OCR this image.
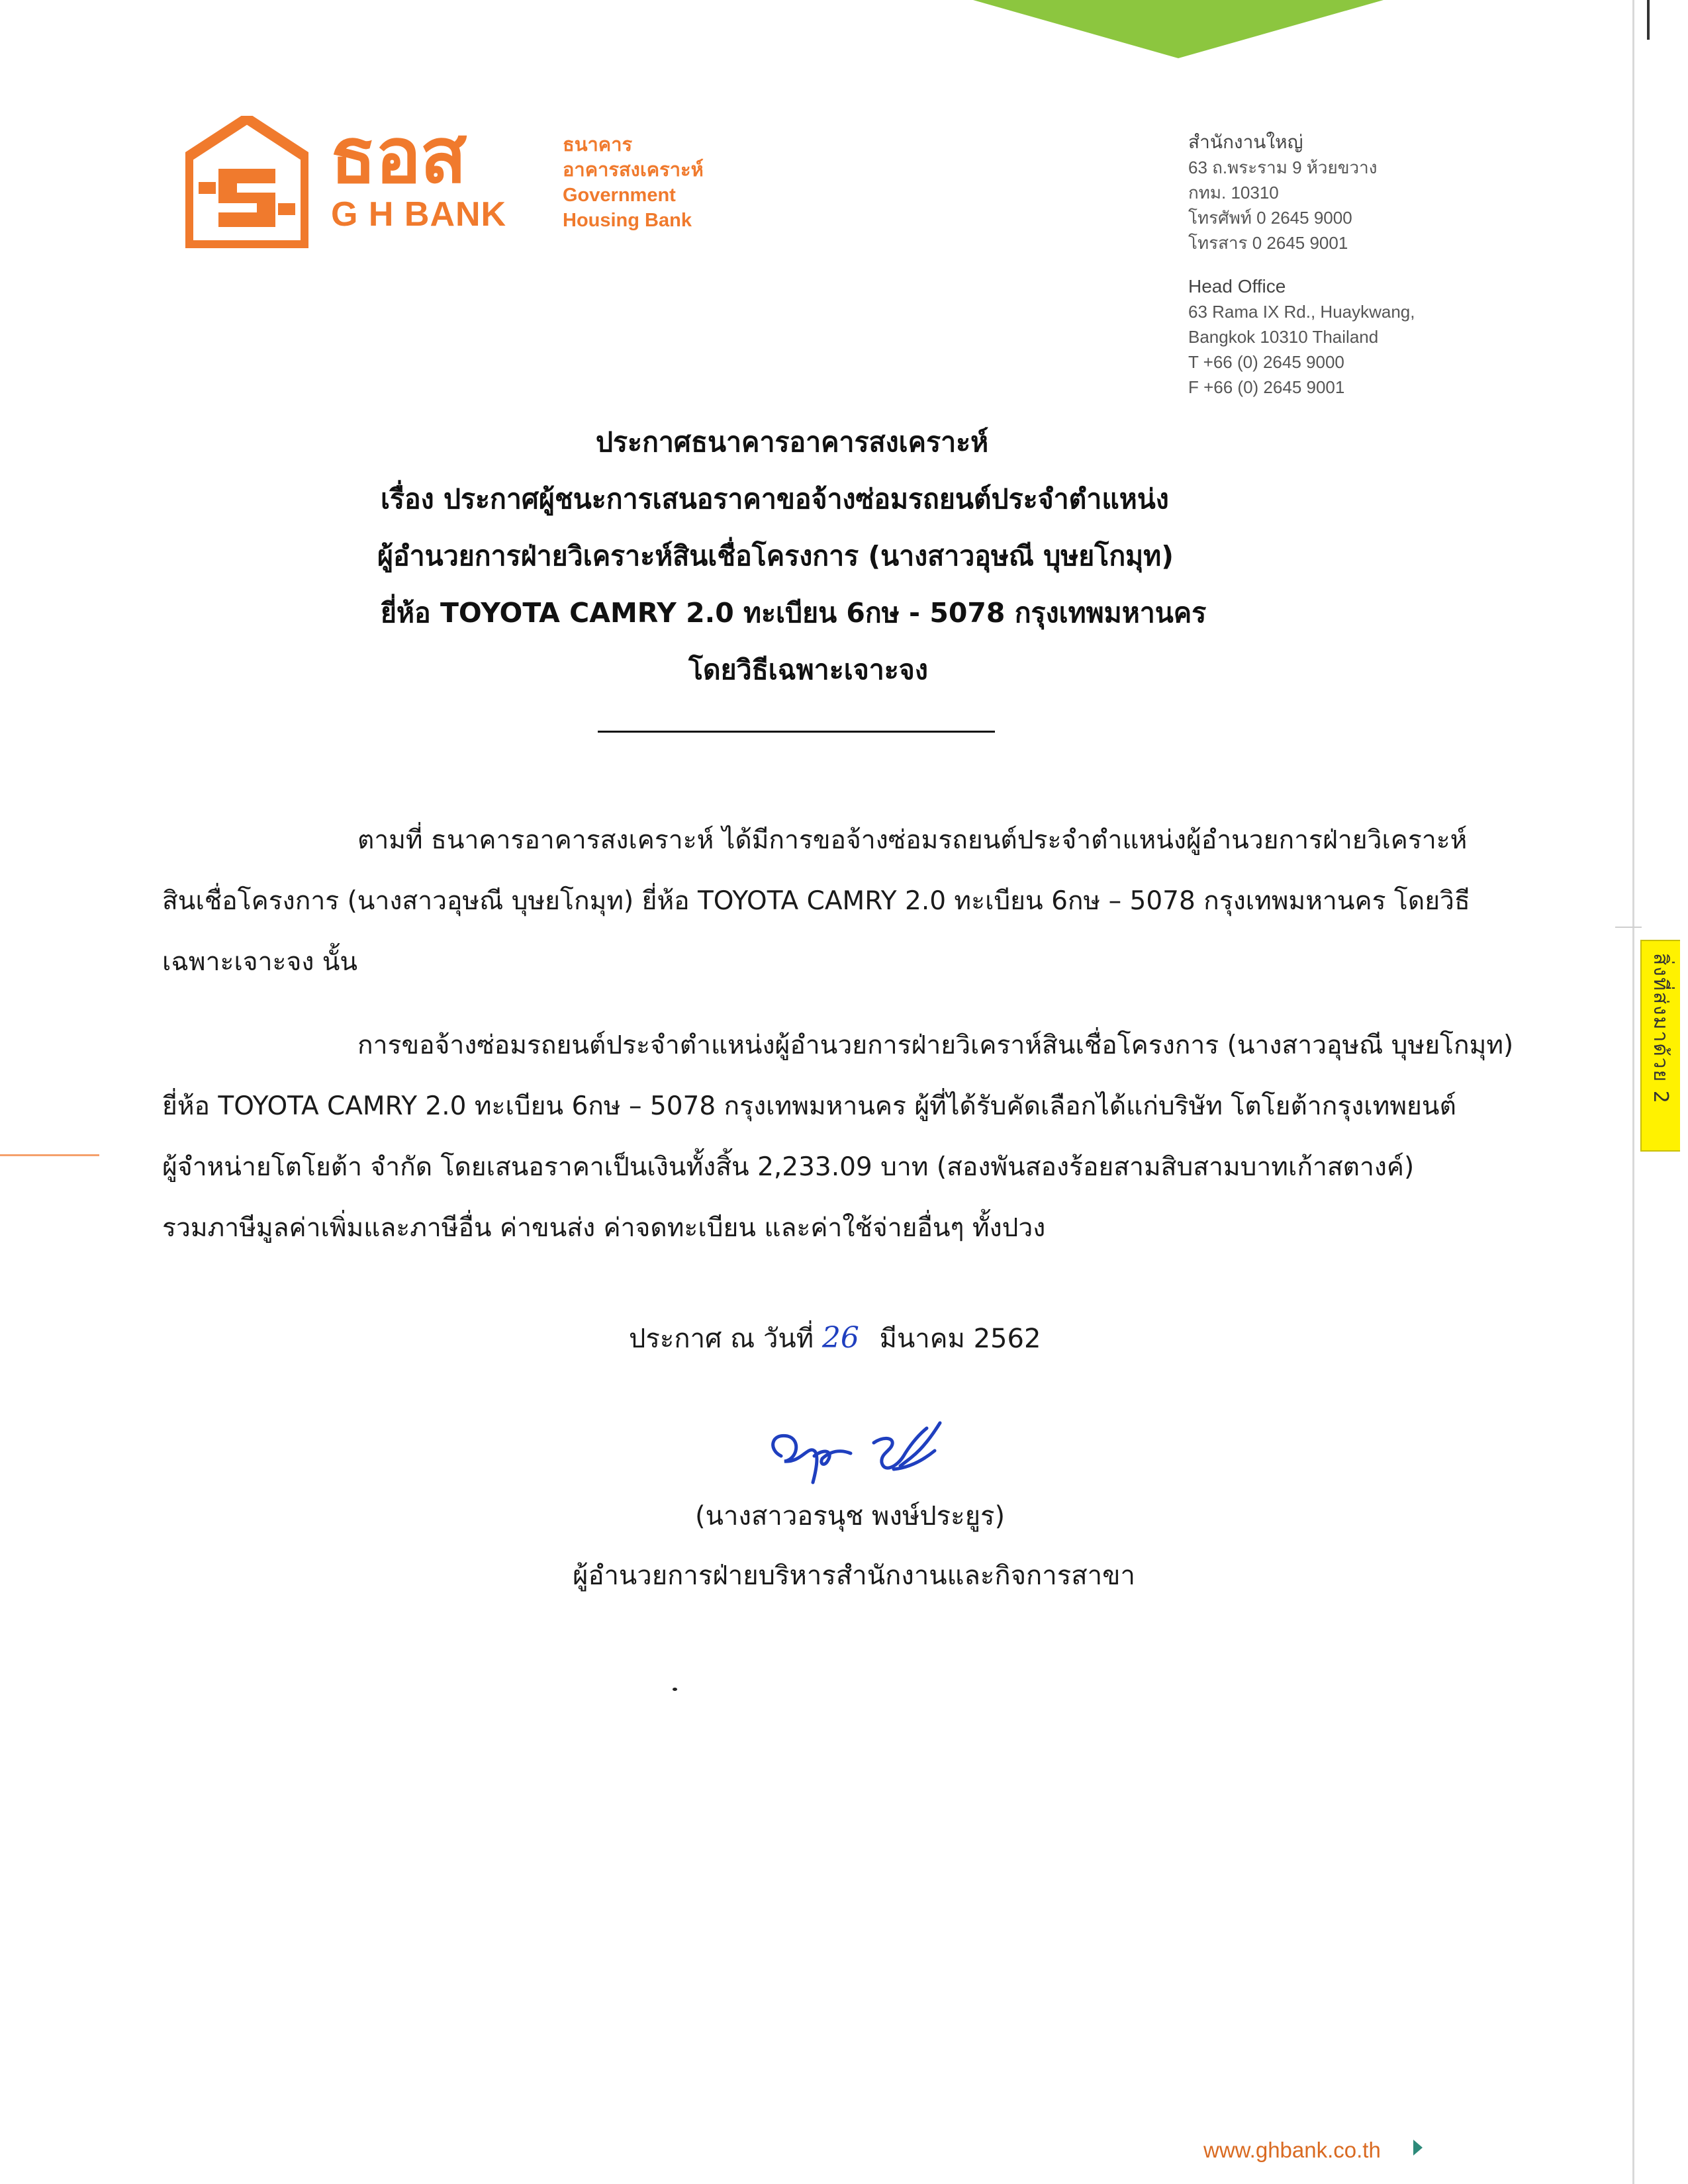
สิ่งที่ส่งมาด้วย 2
ธอส
G H BANK
ธนาคาร
อาคารสงเคราะห์
Government
Housing Bank
สำนักงานใหญ่
63 ถ.พระราม 9 ห้วยขวาง
กทม. 10310
โทรศัพท์ 0 2645 9000
โทรสาร 0 2645 9001
Head Office
63 Rama IX Rd., Huaykwang,
Bangkok 10310 Thailand
T +66 (0) 2645 9000
F +66 (0) 2645 9001
ประกาศธนาคารอาคารสงเคราะห์
เรื่อง ประกาศผู้ชนะการเสนอราคาขอจ้างซ่อมรถยนต์ประจำตำแหน่ง
ผู้อำนวยการฝ่ายวิเคราะห์สินเชื่อโครงการ (นางสาวอุษณี บุษยโกมุท)
ยี่ห้อ TOYOTA CAMRY 2.0 ทะเบียน 6กษ - 5078 กรุงเทพมหานคร
โดยวิธีเฉพาะเจาะจง
ตามที่ ธนาคารอาคารสงเคราะห์ ได้มีการขอจ้างซ่อมรถยนต์ประจำตำแหน่งผู้อำนวยการฝ่ายวิเคราะห์
สินเชื่อโครงการ (นางสาวอุษณี บุษยโกมุท) ยี่ห้อ TOYOTA CAMRY 2.0 ทะเบียน 6กษ – 5078 กรุงเทพมหานคร โดยวิธี
เฉพาะเจาะจง นั้น
การขอจ้างซ่อมรถยนต์ประจำตำแหน่งผู้อำนวยการฝ่ายวิเคราห์สินเชื่อโครงการ (นางสาวอุษณี บุษยโกมุท)
ยี่ห้อ TOYOTA CAMRY 2.0 ทะเบียน 6กษ – 5078 กรุงเทพมหานคร ผู้ที่ได้รับคัดเลือกได้แก่บริษัท โตโยต้ากรุงเทพยนต์
ผู้จำหน่ายโตโยต้า จำกัด โดยเสนอราคาเป็นเงินทั้งสิ้น 2,233.09 บาท (สองพันสองร้อยสามสิบสามบาทเก้าสตางค์)
รวมภาษีมูลค่าเพิ่มและภาษีอื่น ค่าขนส่ง ค่าจดทะเบียน และค่าใช้จ่ายอื่นๆ ทั้งปวง
ประกาศ ณ วันที่ 26 มีนาคม 2562
(นางสาวอรนุช พงษ์ประยูร)
ผู้อำนวยการฝ่ายบริหารสำนักงานและกิจการสาขา
www.ghbank.co.th
